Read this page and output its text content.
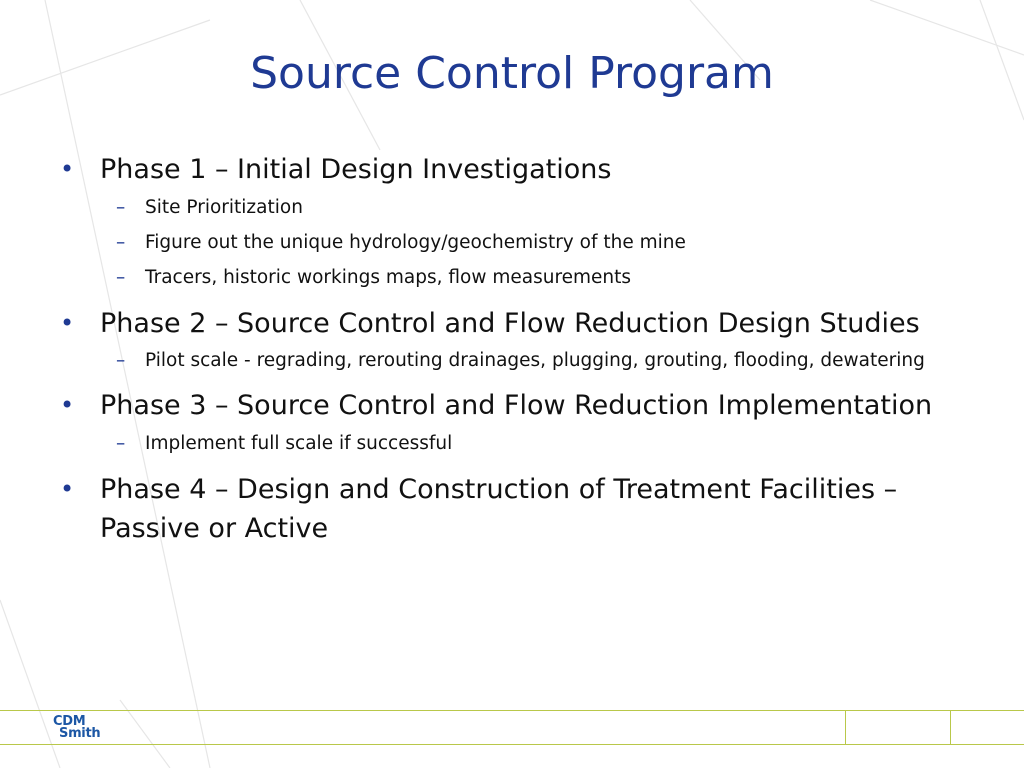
Source Control Program
• Phase 1 – Initial Design Investigations
– Site Prioritization
– Figure out the unique hydrology/geochemistry of the mine
– Tracers, historic workings maps, flow measurements
• Phase 2 – Source Control and Flow Reduction Design Studies
– Pilot scale - regrading, rerouting drainages, plugging, grouting, flooding, dewatering
• Phase 3 – Source Control and Flow Reduction Implementation
– Implement full scale if successful
• Phase 4 – Design and Construction of Treatment Facilities – Passive or Active
CDM
Smith
